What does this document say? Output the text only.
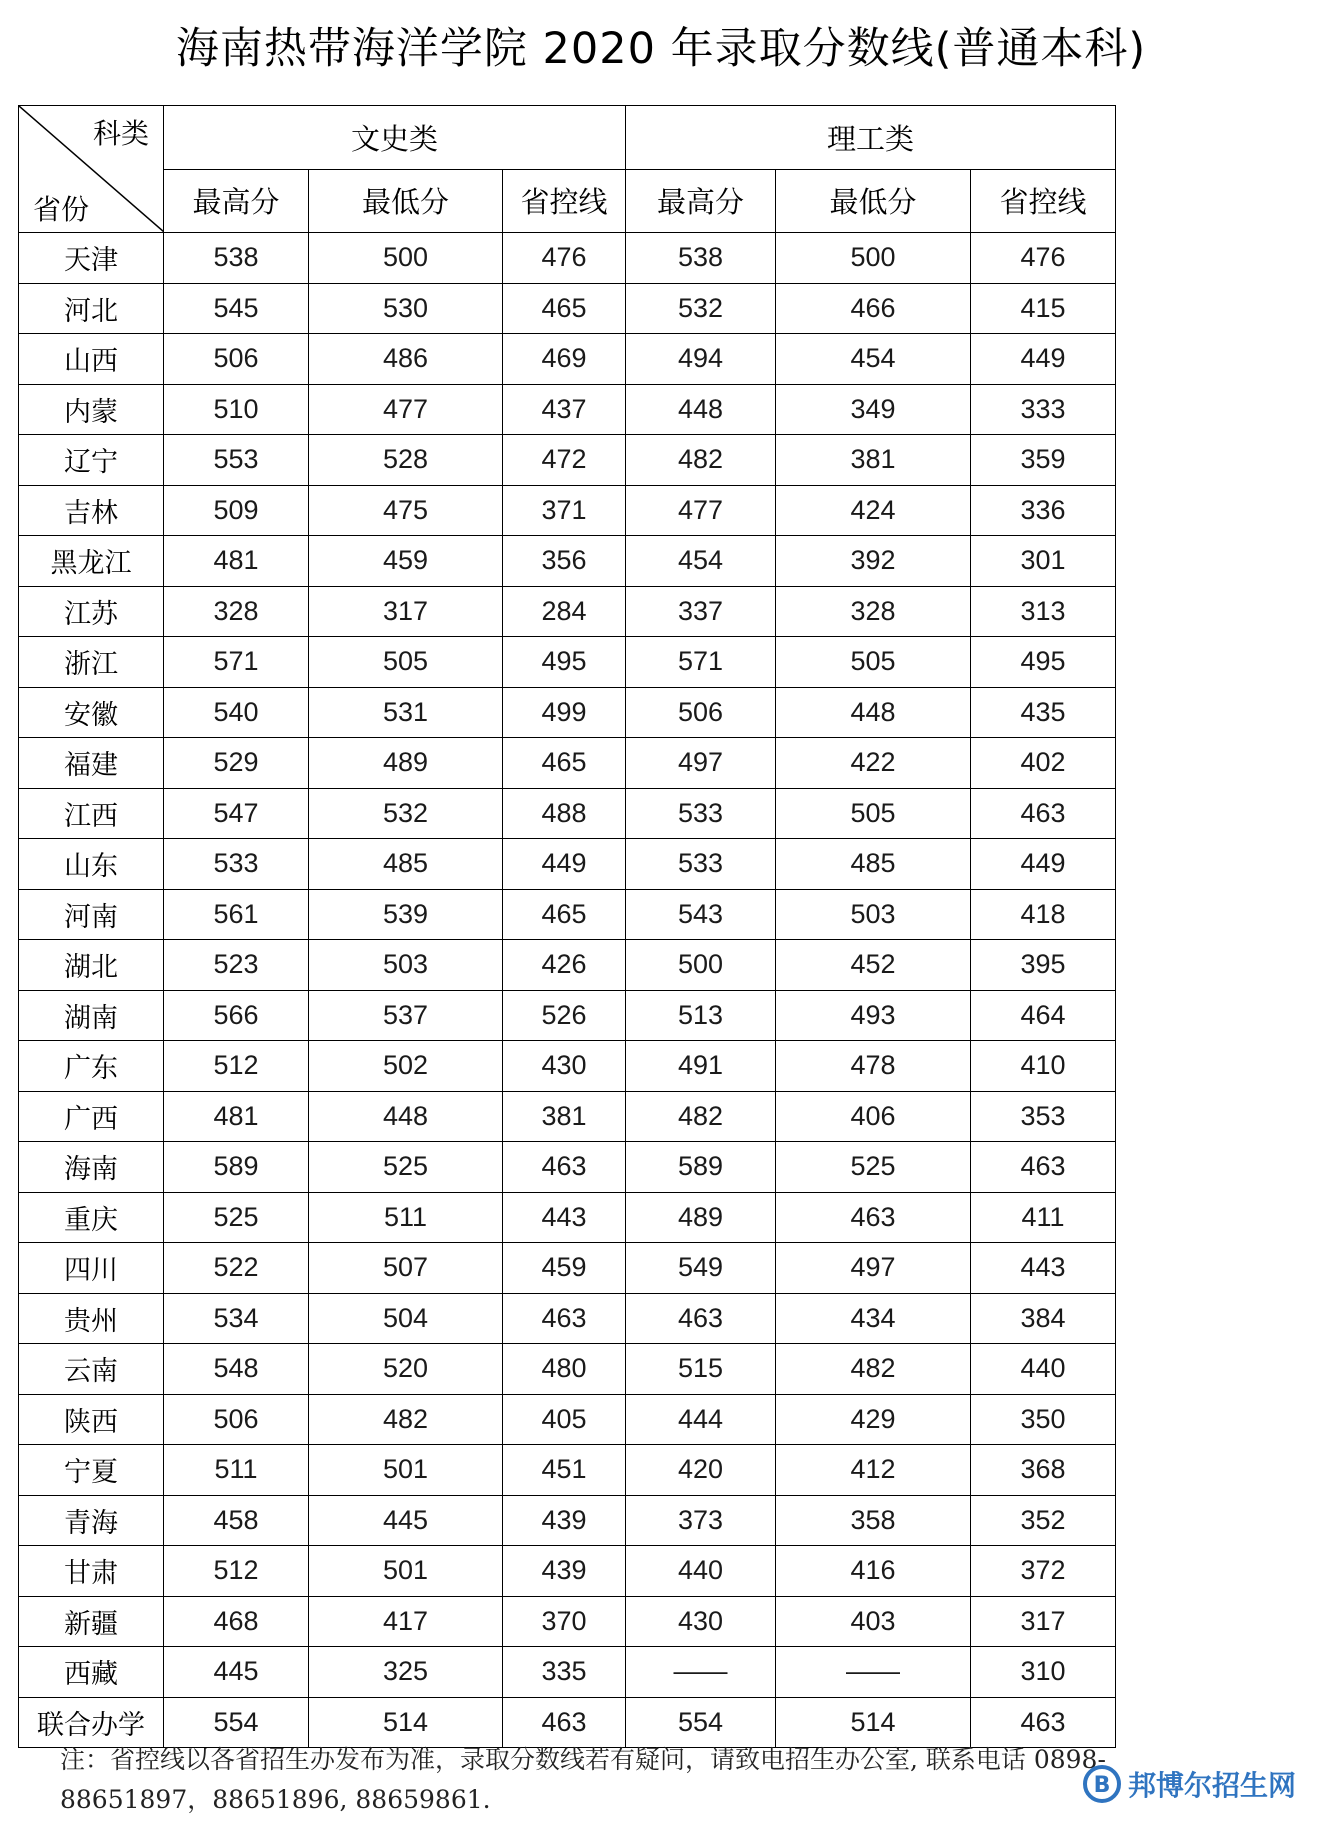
海南热带海洋学院 2020 年录取分数线(普通本科)
科类
省份	文史类			理工类		
	最高分	最低分	省控线	最高分	最低分	省控线
天津	538	500	476	538	500	476
河北	545	530	465	532	466	415
山西	506	486	469	494	454	449
内蒙	510	477	437	448	349	333
辽宁	553	528	472	482	381	359
吉林	509	475	371	477	424	336
黑龙江	481	459	356	454	392	301
江苏	328	317	284	337	328	313
浙江	571	505	495	571	505	495
安徽	540	531	499	506	448	435
福建	529	489	465	497	422	402
江西	547	532	488	533	505	463
山东	533	485	449	533	485	449
河南	561	539	465	543	503	418
湖北	523	503	426	500	452	395
湖南	566	537	526	513	493	464
广东	512	502	430	491	478	410
广西	481	448	381	482	406	353
海南	589	525	463	589	525	463
重庆	525	511	443	489	463	411
四川	522	507	459	549	497	443
贵州	534	504	463	463	434	384
云南	548	520	480	515	482	440
陕西	506	482	405	444	429	350
宁夏	511	501	451	420	412	368
青海	458	445	439	373	358	352
甘肃	512	501	439	440	416	372
新疆	468	417	370	430	403	317
西藏	445	325	335	——	——	310
联合办学	554	514	463	554	514	463
注：省控线以各省招生办发布为准，录取分数线若有疑问，请致电招生办公室, 联系电话 0898-88651897，88651896, 88659861.	B 邦博尔招生网
